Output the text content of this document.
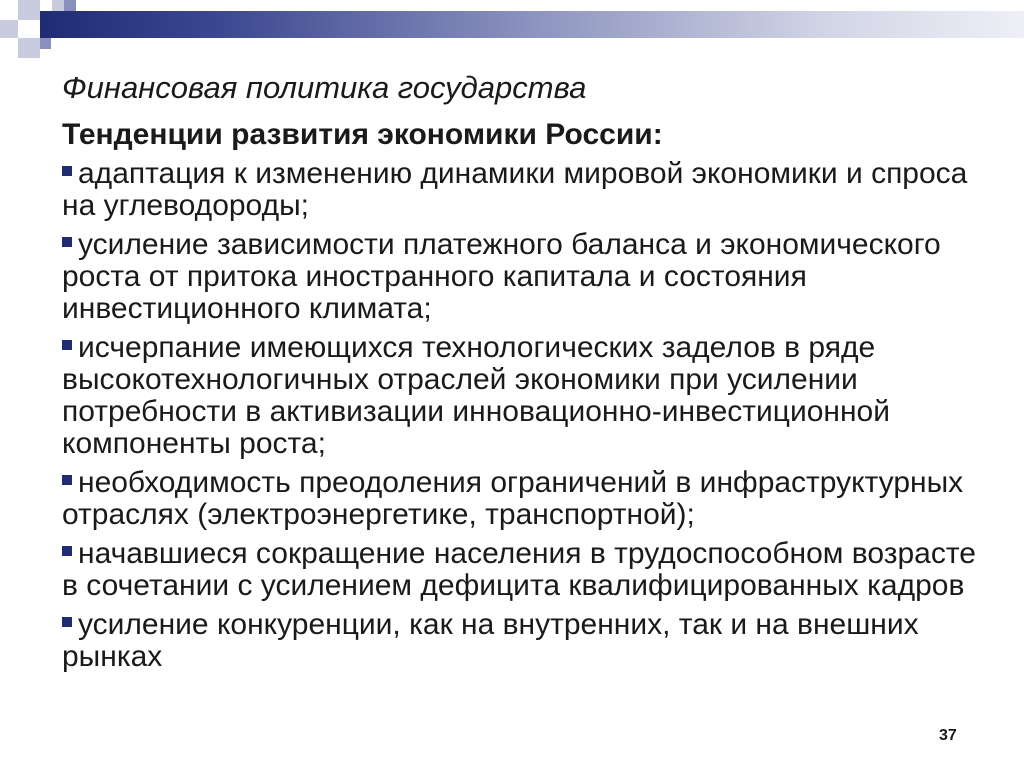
Финансовая политика государства
Тенденции развития экономики России:
адаптация к изменению динамики мировой экономики и спроса на углеводороды;
усиление зависимости платежного баланса и экономического роста от притока иностранного капитала и состояния инвестиционного климата;
исчерпание имеющихся технологических заделов в ряде высокотехнологичных отраслей экономики при усилении потребности в активизации инновационно-инвестиционной компоненты роста;
необходимость преодоления ограничений в инфраструктурных отраслях (электроэнергетике, транспортной);
начавшиеся сокращение населения в трудоспособном возрасте в сочетании с усилением дефицита квалифицированных кадров
усиление конкуренции, как на внутренних, так и на внешних рынках
37
